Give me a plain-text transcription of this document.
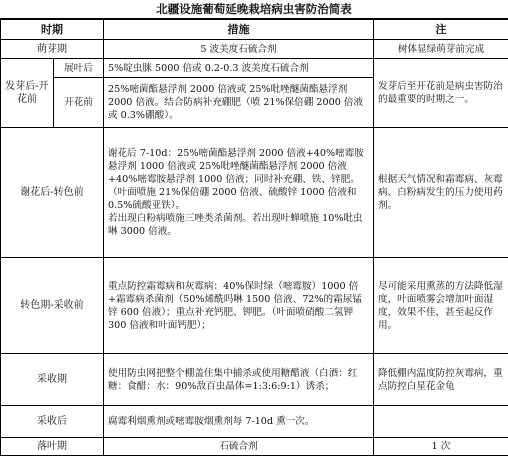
北疆设施葡萄延晚栽培病虫害防治简表
时期		措施	注
萌芽期		5 波美度石硫合剂	树体显绿萌芽前完成
发芽后-开花前	展叶后	5%啶虫脒 5000 倍或 0.2-0.3 波美度石硫合剂	发芽后至开花前是病虫害防治的最重要的时期之一。
	开花前	25%嘧菌酯悬浮剂 2000 倍液或 25%吡唑醚菌酯悬浮剂 2000 倍液。结合防病补充硼肥（喷 21%保倍硼 2000 倍液或 0.3%硼酸）。	
谢花后-转色前		谢花后 7-10d：25%嘧菌酯悬浮剂 2000 倍液+40%嘧霉胺悬浮剂 1000 倍液或 25%吡唑醚菌酯悬浮剂 2000 倍液+40%嘧霉胺悬浮剂 1000 倍液；同时补充硼、铁、锌肥。（叶面喷施 21%保倍硼 2000 倍液、硫酸锌 1000 倍液和 0.5%硫酸亚铁）。
若出现白粉病喷施三唑类杀菌剂。若出现叶蝉喷施 10%吡虫啉 3000 倍液。	根据天气情况和霜霉病、灰霉病、白粉病发生的压力使用药剂。
转色期-采收前		重点防控霜霉病和灰霉病：40%保时绿（嘧霉胺）1000 倍+霜霉病杀菌剂（50%烯酰吗啉 1500 倍液、72%的霜尿锰锌 600 倍液）；重点补充钙肥、钾肥。（叶面喷硝酸二氢钾 300 倍液和叶面钙肥）；	尽可能采用熏蒸的方法降低湿度，叶面喷雾会增加叶面湿度，效果不佳，甚至起反作用。
采收期		使用防虫网把整个棚盖住集中捕杀或使用糖醋液（白酒：红糖：食醋：水：90%敌百虫晶体=1:3:6:9:1）诱杀；	降低棚内温度防控灰霉病，重点防控白星花金龟
采收后		腐霉利烟熏剂或嘧霉胺烟熏剂每 7-10d 熏一次。	
落叶期		石硫合剂	1 次
